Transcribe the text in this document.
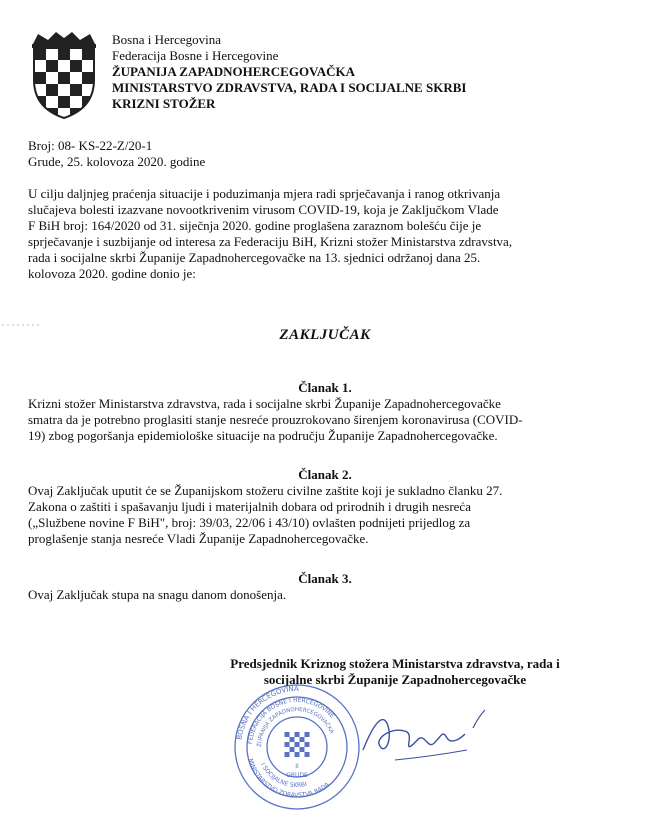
Bosna i Hercegovina
Federacija Bosne i Hercegovine
ŽUPANIJA ZAPADNOHERCEGOVAČKA
MINISTARSTVO ZDRAVSTVA, RADA I SOCIJALNE SKRBI
KRIZNI STOŽER
Broj: 08- KS-22-Z/20-1
Grude, 25. kolovoza 2020. godine
U cilju daljnjeg praćenja situacije i poduzimanja mjera radi sprječavanja i ranog otkrivanja
slučajeva bolesti izazvane novootkrivenim virusom COVID-19, koja je Zaključkom Vlade
F BiH broj: 164/2020 od 31. siječnja 2020. godine proglašena zaraznom bolešću čije je
sprječavanje i suzbijanje od interesa za Federaciju BiH, Krizni stožer Ministarstva zdravstva,
rada i socijalne skrbi Županije Zapadnohercegovačke na 13. sjednici održanoj dana 25.
kolovoza 2020. godine donio je:
ZAKLJUČAK
Članak 1.
Krizni stožer Ministarstva zdravstva, rada i socijalne skrbi Županije Zapadnohercegovačke
smatra da je potrebno proglasiti stanje nesreće prouzrokovano širenjem koronavirusa (COVID-
19) zbog pogoršanja epidemiološke situacije na području Županije Zapadnohercegovačke.
Članak 2.
Ovaj Zaključak uputit će se Županijskom stožeru civilne zaštite koji je sukladno članku 27.
Zakona o zaštiti i spašavanju ljudi i materijalnih dobara od prirodnih i drugih nesreća
(„Službene novine F BiH", broj: 39/03, 22/06 i 43/10) ovlašten podnijeti prijedlog za
proglašenje stanja nesreće Vladi Županije Zapadnohercegovačke.
Članak 3.
Ovaj Zaključak stupa na snagu danom donošenja.
Predsjednik Kriznog stožera Ministarstva zdravstva, rada i
socijalne skrbi Županije Zapadnohercegovačke
BOSNA I HERCEGOVINA
FEDERACIJA BOSNE I HERCEGOVINE
ŽUPANIJA ZAPADNOHERCEGOVAČKA
MINISTARSTVO ZDRAVSTVA RADA
I SOCIJALNE SKRBI
GRUDE
II
